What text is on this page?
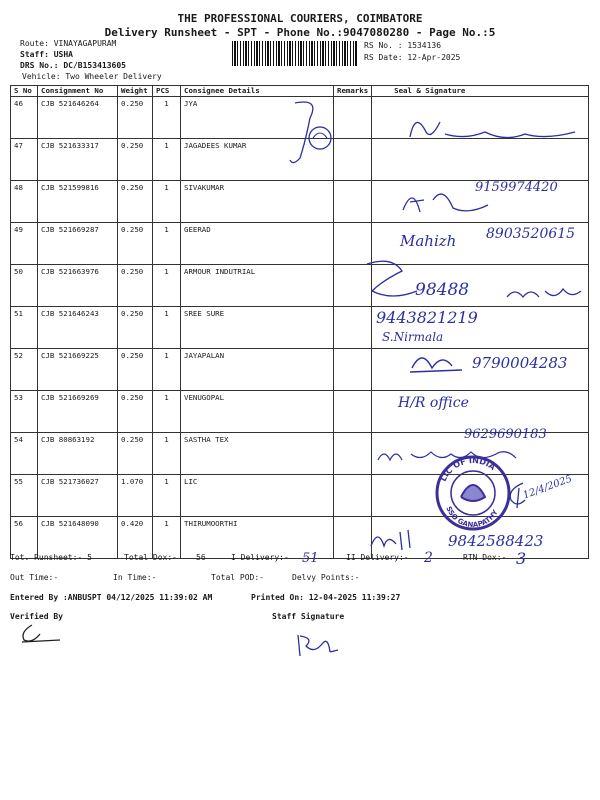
THE PROFESSIONAL COURIERS, COIMBATORE
Delivery Runsheet - SPT - Phone No.:9047080280 - Page No.:5
Route: VINAYAGAPURAM
Staff: USHA
DRS No.: DC/B153413605
Vehicle: Two Wheeler Delivery
RS No. : 1534136
RS Date: 12-Apr-2025
S No	Consignment No	Weight	PCS	Consignee Details	Remarks	Seal & Signature
46	CJB 521646264	0.250	1	JYA		
47	CJB 521633317	0.250	1	JAGADEES KUMAR		
48	CJB 521599816	0.250	1	SIVAKUMAR		
49	CJB 521669287	0.250	1	GEERAD		
50	CJB 521663976	0.250	1	ARMOUR INDUTRIAL		
51	CJB 521646243	0.250	1	SREE SURE		
52	CJB 521669225	0.250	1	JAYAPALAN		
53	CJB 521669269	0.250	1	VENUGOPAL		
54	CJB 80863192	0.250	1	SASTHA TEX		
55	CJB 521736027	1.070	1	LIC		
56	CJB 521648090	0.420	1	THIRUMOORTHI		
9159974420
Mahizh 8903520615
98488
9443821219
S.Nirmala
9790004283
H/R office
9629690183
LIC OF INDIA
SSO GANAPATHY
12/4/2025
9842588423
Tot. Runsheet:- 5	Total Dox:- 56	I Delivery:- 51	II Delivery:- 2	RTN Dox:- 3
Out Time:-	In Time:-	Total POD:-	Delvy Points:-
Entered By :ANBUSPT 04/12/2025 11:39:02 AM	Printed On: 12-04-2025 11:39:27
Verified By	Staff Signature
